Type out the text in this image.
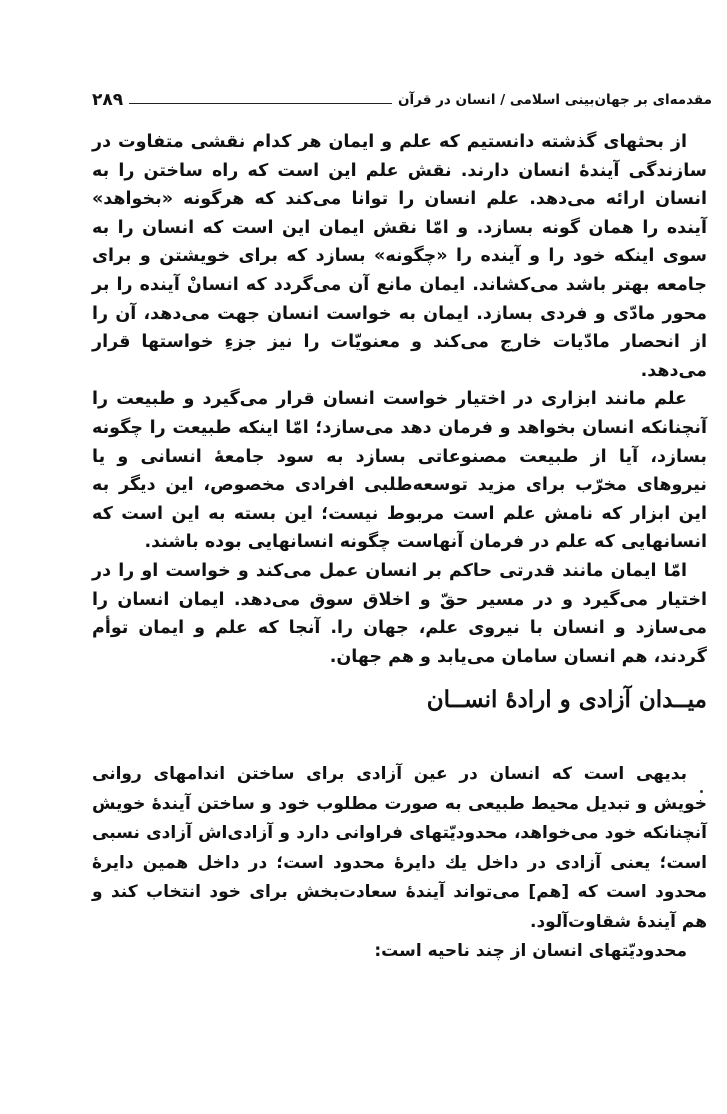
مقدمه‌ای بر جهان‌بینی اسلامی / انسان در قرآن
۲۸۹

از بحثهای گذشته دانستیم که علم و ایمان هر کدام نقشی متفاوت در سازندگی آیندهٔ انسان دارند. نقش علم این است که راه ساختن را به انسان ارائه می‌دهد. علم انسان را توانا می‌کند که هرگونه «بخواهد» آینده را همان گونه بسازد. و امّا نقش ایمان این است که انسان را به سوی اینکه خود را و آینده را «چگونه» بسازد که برای خویشتن و برای جامعه بهتر باشد می‌کشاند. ایمان مانع آن می‌گردد که انسانْ آینده را بر محور مادّی و فردی بسازد. ایمان به خواست انسان جهت می‌دهد، آن را از انحصار مادّیات خارج می‌کند و معنویّات را نیز جزءِ خواستها قرار می‌دهد.

علم مانند ابزاری در اختیار خواست انسان قرار می‌گیرد و طبیعت را آنچنانکه انسان بخواهد و فرمان دهد می‌سازد؛ امّا اینکه طبیعت را چگونه بسازد، آیا از طبیعت مصنوعاتی بسازد به سود جامعهٔ انسانی و یا نیروهای مخرّب برای مزید توسعه‌طلبی افرادی مخصوص، این دیگر به این ابزار که نامش علم است مربوط نیست؛ این بسته به این است که انسانهایی که علم در فرمان آنهاست چگونه انسانهایی بوده باشند.

امّا ایمان مانند قدرتی حاکم بر انسان عمل می‌کند و خواست او را در اختیار می‌گیرد و در مسیر حقّ و اخلاق سوق می‌دهد. ایمان انسان را می‌سازد و انسان با نیروی علم، جهان را. آنجا که علم و ایمان توأم گردند، هم انسان سامان می‌یابد و هم جهان.

میــدان آزادی و ارادهٔ انســان

بدیهی است که انسان در عین آزادی برای ساختن اندامهای روانی خویش و تبدیل محیط طبیعی به صورت مطلوب خود و ساختن آیندهٔ خویش آنچنانکه خود می‌خواهد، محدودیّتهای فراوانی دارد و آزادی‌اش آزادی نسبی است؛ یعنی آزادی در داخل یك دایرهٔ محدود است؛ در داخل همین دایرهٔ محدود است که [هم] می‌تواند آیندهٔ سعادت‌بخش برای خود انتخاب کند و هم آیندهٔ شقاوت‌آلود.

محدودیّتهای انسان از چند ناحیه است:
